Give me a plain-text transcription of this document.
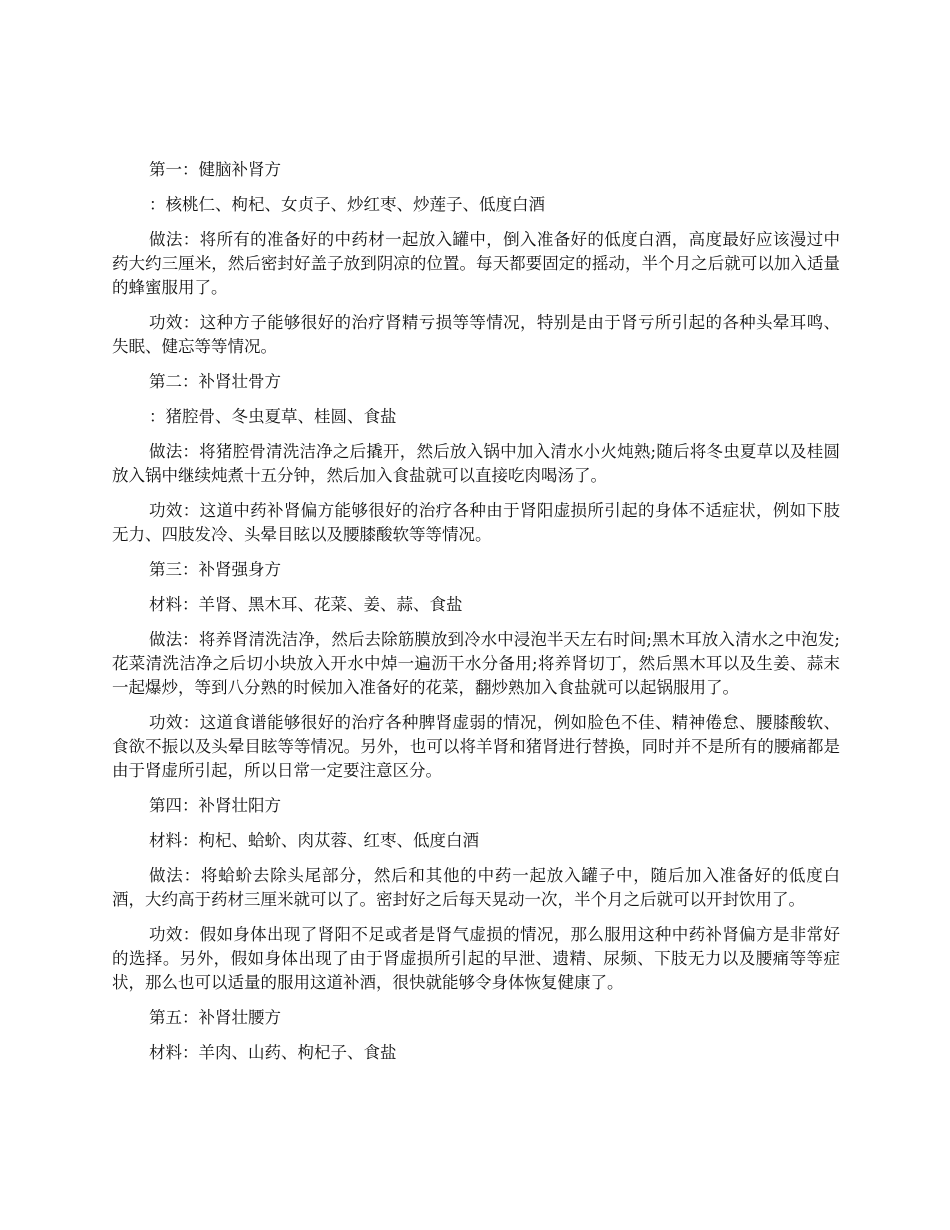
第一：健脑补肾方

：核桃仁、枸杞、女贞子、炒红枣、炒莲子、低度白酒

做法：将所有的准备好的中药材一起放入罐中，倒入准备好的低度白酒，高度最好应该漫过中药大约三厘米，然后密封好盖子放到阴凉的位置。每天都要固定的摇动，半个月之后就可以加入适量的蜂蜜服用了。

功效：这种方子能够很好的治疗肾精亏损等等情况，特别是由于肾亏所引起的各种头晕耳鸣、失眠、健忘等等情况。

第二：补肾壮骨方

：猪腔骨、冬虫夏草、桂圆、食盐

做法：将猪腔骨清洗洁净之后撬开，然后放入锅中加入清水小火炖熟;随后将冬虫夏草以及桂圆放入锅中继续炖煮十五分钟，然后加入食盐就可以直接吃肉喝汤了。

功效：这道中药补肾偏方能够很好的治疗各种由于肾阳虚损所引起的身体不适症状，例如下肢无力、四肢发冷、头晕目眩以及腰膝酸软等等情况。

第三：补肾强身方

材料：羊肾、黑木耳、花菜、姜、蒜、食盐

做法：将养肾清洗洁净，然后去除筋膜放到冷水中浸泡半天左右时间;黑木耳放入清水之中泡发;花菜清洗洁净之后切小块放入开水中焯一遍沥干水分备用;将养肾切丁，然后黑木耳以及生姜、蒜末一起爆炒，等到八分熟的时候加入准备好的花菜，翻炒熟加入食盐就可以起锅服用了。

功效：这道食谱能够很好的治疗各种脾肾虚弱的情况，例如脸色不佳、精神倦怠、腰膝酸软、食欲不振以及头晕目眩等等情况。另外，也可以将羊肾和猪肾进行替换，同时并不是所有的腰痛都是由于肾虚所引起，所以日常一定要注意区分。

第四：补肾壮阳方

材料：枸杞、蛤蚧、肉苁蓉、红枣、低度白酒

做法：将蛤蚧去除头尾部分，然后和其他的中药一起放入罐子中，随后加入准备好的低度白酒，大约高于药材三厘米就可以了。密封好之后每天晃动一次，半个月之后就可以开封饮用了。

功效：假如身体出现了肾阳不足或者是肾气虚损的情况，那么服用这种中药补肾偏方是非常好的选择。另外，假如身体出现了由于肾虚损所引起的早泄、遗精、尿频、下肢无力以及腰痛等等症状，那么也可以适量的服用这道补酒，很快就能够令身体恢复健康了。

第五：补肾壮腰方

材料：羊肉、山药、枸杞子、食盐
